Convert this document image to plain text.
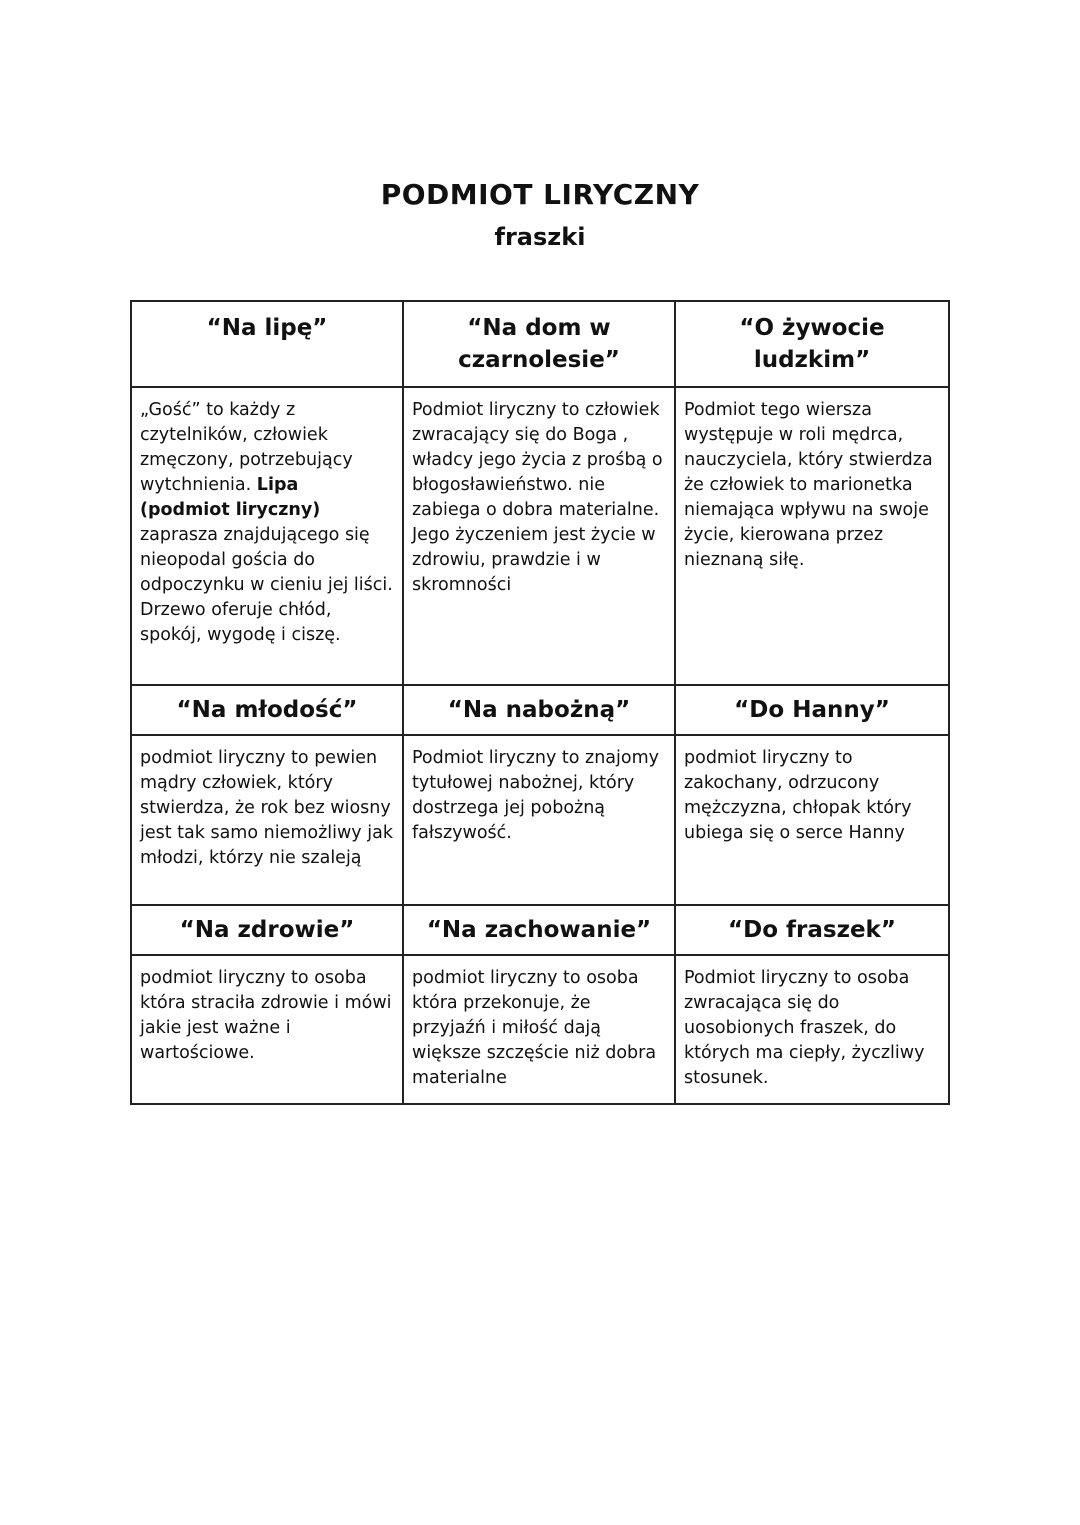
PODMIOT LIRYCZNY
fraszki
“Na lipę”	“Na dom w czarnolesie”	“O żywocie ludzkim”
„Gość” to każdy z czytelników, człowiek zmęczony, potrzebujący wytchnienia. Lipa (podmiot liryczny) zaprasza znajdującego się nieopodal gościa do odpoczynku w cieniu jej liści. Drzewo oferuje chłód, spokój, wygodę i ciszę.	Podmiot liryczny to człowiek zwracający się do Boga , władcy jego życia z prośbą o błogosławieństwo. nie zabiega o dobra materialne. Jego życzeniem jest życie w zdrowiu, prawdzie i w skromności	Podmiot tego wiersza występuje w roli mędrca, nauczyciela, który stwierdza że człowiek to marionetka niemająca wpływu na swoje życie, kierowana przez nieznaną siłę.
“Na młodość”	“Na nabożną”	“Do Hanny”
podmiot liryczny to pewien mądry człowiek, który stwierdza, że rok bez wiosny jest tak samo niemożliwy jak młodzi, którzy nie szaleją	Podmiot liryczny to znajomy tytułowej nabożnej, który dostrzega jej pobożną fałszywość.	podmiot liryczny to zakochany, odrzucony mężczyzna, chłopak który ubiega się o serce Hanny
“Na zdrowie”	“Na zachowanie”	“Do fraszek”
podmiot liryczny to osoba która straciła zdrowie i mówi jakie jest ważne i wartościowe.	podmiot liryczny to osoba która przekonuje, że przyjaźń i miłość dają większe szczęście niż dobra materialne	Podmiot liryczny to osoba zwracająca się do uosobionych fraszek, do których ma ciepły, życzliwy stosunek.
